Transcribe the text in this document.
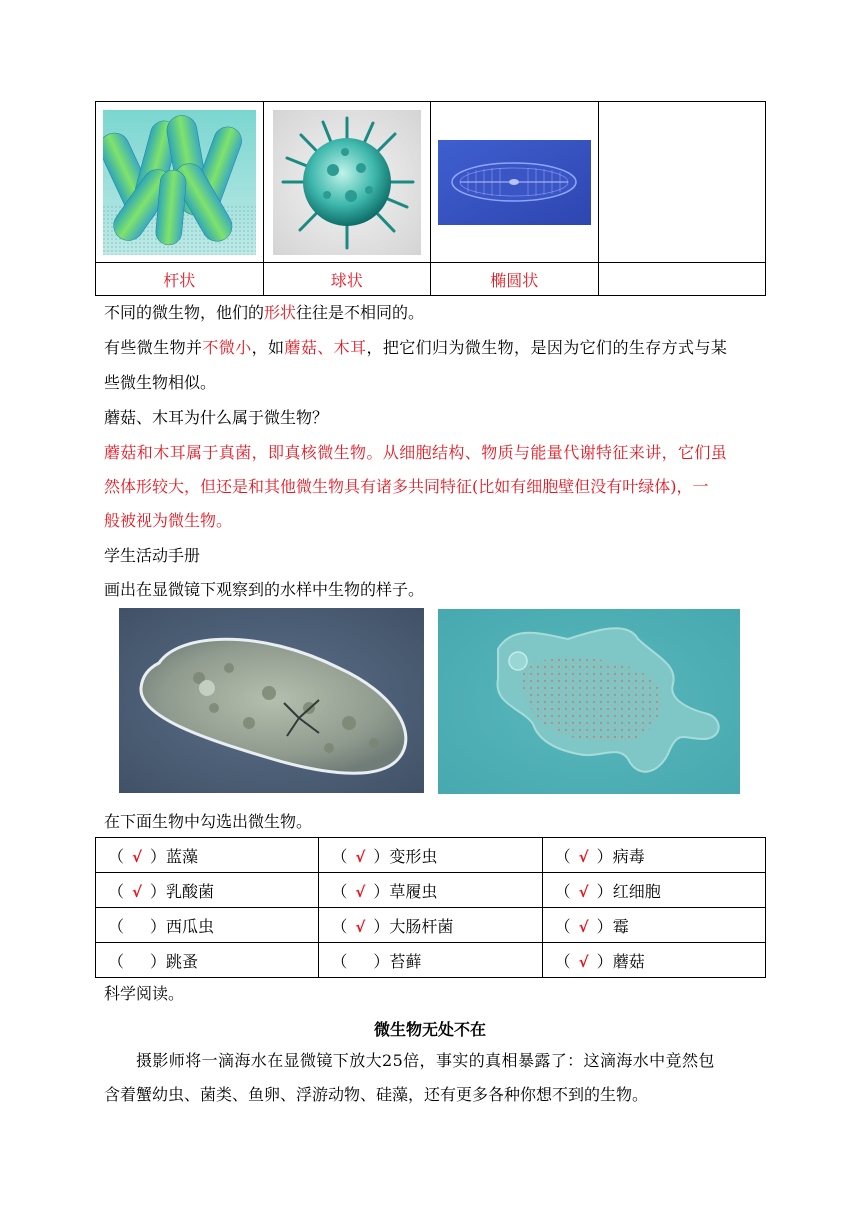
杆状	球状	椭圆状	
不同的微生物，他们的形状往往是不相同的。
有些微生物并不微小，如蘑菇、木耳，把它们归为微生物，是因为它们的生存方式与某
些微生物相似。
蘑菇、木耳为什么属于微生物？
蘑菇和木耳属于真菌，即真核微生物。从细胞结构、物质与能量代谢特征来讲，它们虽
然体形较大，但还是和其他微生物具有诸多共同特征(比如有细胞壁但没有叶绿体)，一
般被视为微生物。
学生活动手册
画出在显微镜下观察到的水样中生物的样子。
在下面生物中勾选出微生物。
（ √ ）蓝藻	（ √ ）变形虫	（ √ ）病毒
（ √ ）乳酸菌	（ √ ）草履虫	（ √ ）红细胞
（ ）西瓜虫	（ √ ）大肠杆菌	（ √ ）霉
（ ）跳蚤	（ ）苔藓	（ √ ）蘑菇
科学阅读。
微生物无处不在
摄影师将一滴海水在显微镜下放大25倍，事实的真相暴露了：这滴海水中竟然包
含着蟹幼虫、菌类、鱼卵、浮游动物、硅藻，还有更多各种你想不到的生物。
